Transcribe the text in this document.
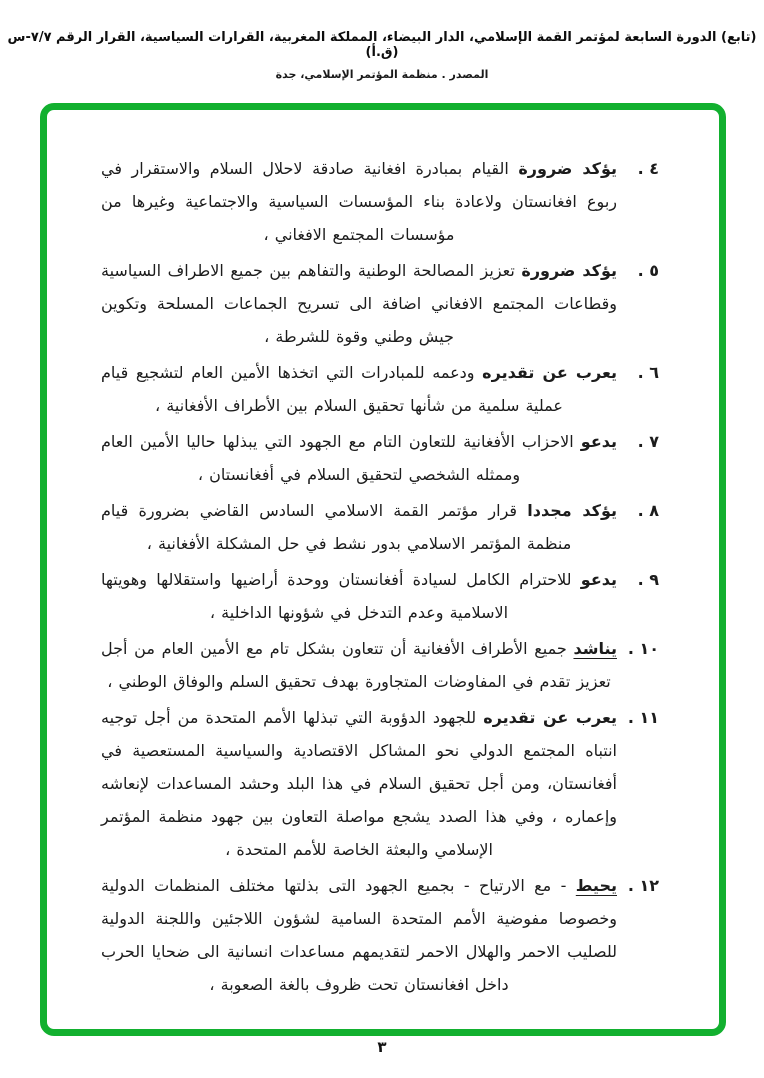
(تابع) الدورة السابعة لمؤتمر القمة الإسلامي، الدار البيضاء، المملكة المغربية، القرارات السياسية، القرار الرقم ٧/٧-س (ق.أ)
المصدر . منظمة المؤتمر الإسلامي، جدة
٤ .

يؤكد ضرورة القيام بمبادرة افغانية صادقة لاحلال السلام والاستقرار في ربوع افغانستان ولاعادة بناء المؤسسات السياسية والاجتماعية وغيرها من مؤسسات المجتمع الافغاني ،

٥ .

يؤكد ضرورة تعزيز المصالحة الوطنية والتفاهم بين جميع الاطراف السياسية وقطاعات المجتمع الافغاني اضافة الى تسريح الجماعات المسلحة وتكوين جيش وطني وقوة للشرطة ،

٦ .

يعرب عن تقديره ودعمه للمبادرات التي اتخذها الأمين العام لتشجيع قيام عملية سلمية من شأنها تحقيق السلام بين الأطراف الأفغانية ،

٧ .

يدعو الاحزاب الأفغانية للتعاون التام مع الجهود التي يبذلها حاليا الأمين العام وممثله الشخصي لتحقيق السلام في أفغانستان ،

٨ .

يؤكد مجددا قرار مؤتمر القمة الاسلامي السادس القاضي بضرورة قيام منظمة المؤتمر الاسلامي بدور نشط في حل المشكلة الأفغانية ،

٩ .

يدعو للاحترام الكامل لسيادة أفغانستان ووحدة أراضيها واستقلالها وهويتها الاسلامية وعدم التدخل في شؤونها الداخلية ،

١٠ .

يناشد جميع الأطراف الأفغانية أن تتعاون بشكل تام مع الأمين العام من أجل تعزيز تقدم في المفاوضات المتجاورة بهدف تحقيق السلم والوفاق الوطني ،

١١ .

يعرب عن تقديره للجهود الدؤوبة التي تبذلها الأمم المتحدة من أجل توجيه انتباه المجتمع الدولي نحو المشاكل الاقتصادية والسياسية المستعصية في أفغانستان، ومن أجل تحقيق السلام في هذا البلد وحشد المساعدات لإنعاشه وإعماره ، وفي هذا الصدد يشجع مواصلة التعاون بين جهود منظمة المؤتمر الإسلامي والبعثة الخاصة للأمم المتحدة ،

١٢ .

يحيط - مع الارتياح - بجميع الجهود التى بذلتها مختلف المنظمات الدولية وخصوصا مفوضية الأمم المتحدة السامية لشؤون اللاجئين واللجنة الدولية للصليب الاحمر والهلال الاحمر لتقديمهم مساعدات انسانية الى ضحايا الحرب داخل افغانستان تحت ظروف بالغة الصعوبة ،

٣
